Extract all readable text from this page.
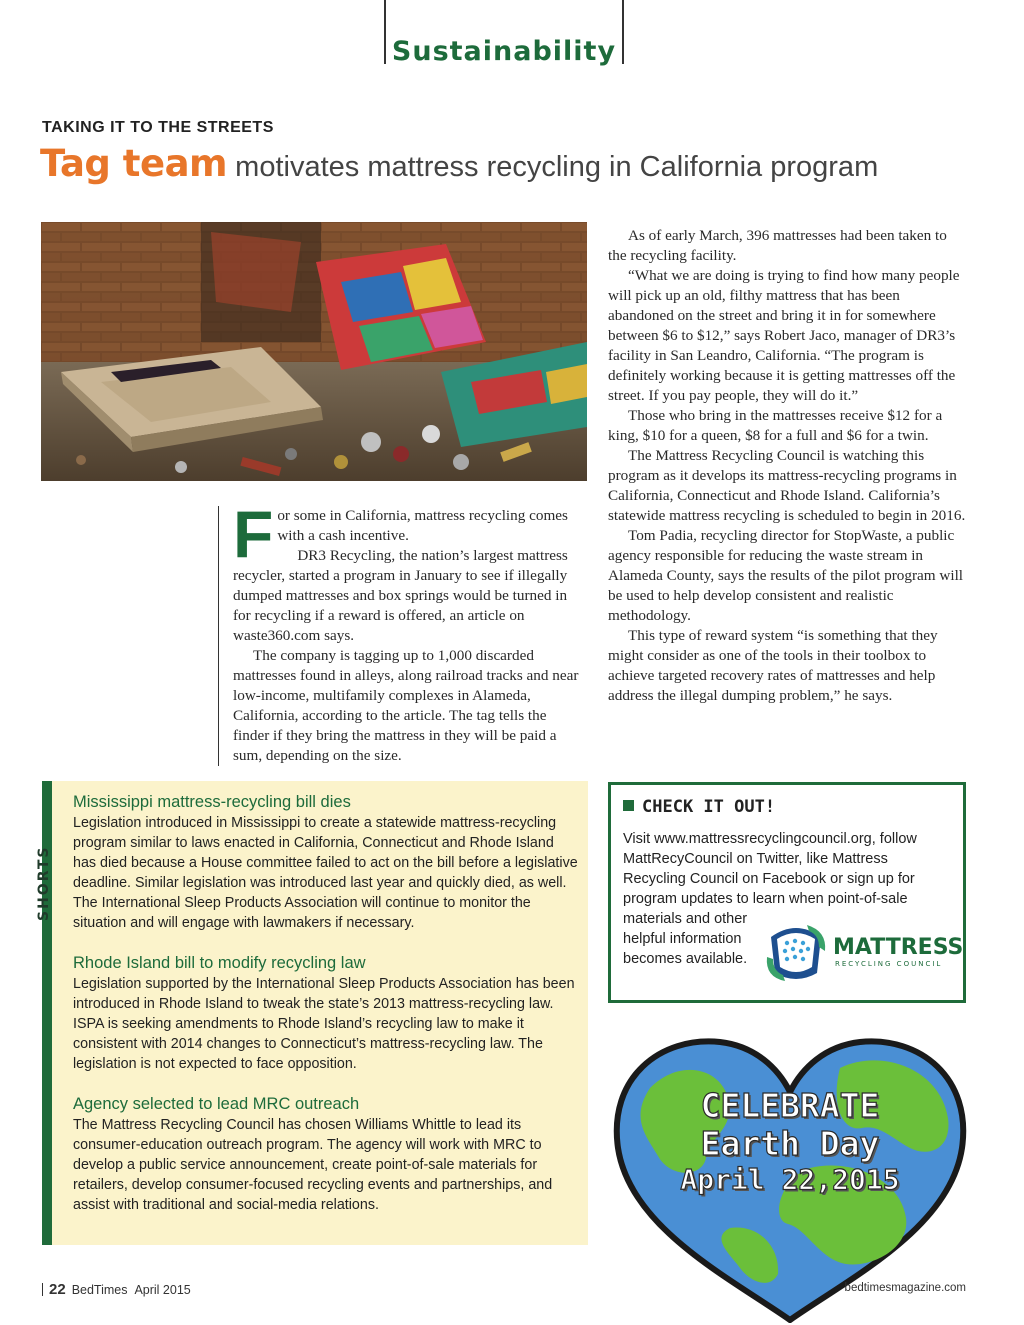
Sustainability
TAKING IT TO THE STREETS
Tag team motivates mattress recycling in California program

For some in California, mattress recycling comes with a cash incentive.

DR3 Recycling, the nation’s largest mattress recycler, started a program in January to see if illegally dumped mattresses and box springs would be turned in for recycling if a reward is offered, an article on waste360.com says.

The company is tagging up to 1,000 discarded mattresses found in alleys, along railroad tracks and near low-income, multifamily complexes in Alameda, California, according to the article. The tag tells the finder if they bring the mattress in they will be paid a sum, depending on the size.

As of early March, 396 mattresses had been taken to the recycling facility.

“What we are doing is trying to find how many people will pick up an old, filthy mattress that has been abandoned on the street and bring it in for somewhere between $6 to $12,” says Robert Jaco, manager of DR3’s facility in San Leandro, California. “The program is definitely working because it is getting mattresses off the street. If you pay people, they will do it.”

Those who bring in the mattresses receive $12 for a king, $10 for a queen, $8 for a full and $6 for a twin.

The Mattress Recycling Council is watching this program as it develops its mattress-recycling programs in California, Connecticut and Rhode Island. California’s statewide mattress recycling is scheduled to begin in 2016.

Tom Padia, recycling director for StopWaste, a public agency responsible for reducing the waste stream in Alameda County, says the results of the pilot program will be used to help develop consistent and realistic methodology.

This type of reward system “is something that they might consider as one of the tools in their toolbox to achieve targeted recovery rates of mattresses and help address the illegal dumping problem,” he says.

SHORTS
Mississippi mattress-recycling bill dies
Legislation introduced in Mississippi to create a statewide mattress-recycling program similar to laws enacted in California, Connecticut and Rhode Island has died because a House committee failed to act on the bill before a legislative deadline. Similar legislation was introduced last year and quickly died, as well. The International Sleep Products Association will continue to monitor the situation and will engage with lawmakers if necessary.
Rhode Island bill to modify recycling law
Legislation supported by the International Sleep Products Association has been introduced in Rhode Island to tweak the state’s 2013 mattress-recycling law. ISPA is seeking amendments to Rhode Island’s recycling law to make it consistent with 2014 changes to Connecticut’s mattress-recycling law. The legislation is not expected to face opposition.
Agency selected to lead MRC outreach
The Mattress Recycling Council has chosen Williams Whittle to lead its consumer-education outreach program. The agency will work with MRC to develop a public service announcement, create point-of-sale materials for retailers, develop consumer-focused recycling events and partnerships, and assist with traditional and social-media relations.
CHECK IT OUT!
Visit www.mattressrecyclingcouncil.org, follow MattRecyCouncil on Twitter, like Mattress Recycling Council on Facebook or sign up for program updates to learn when point-of-sale
materials and other helpful information becomes available.	MATTRESS
RECYCLING COUNCIL
CELEBRATE
Earth Day
April 22,2015
22 BedTimes April 2015	bedtimesmagazine.com
